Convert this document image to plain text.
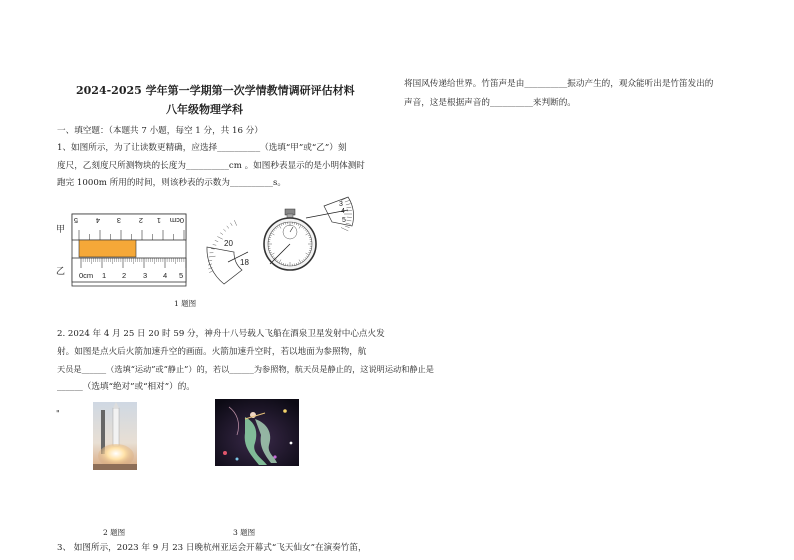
2024-2025 学年第一学期第一次学情教情调研评估材料
八年级物理学科
一、填空题：（本题共 7 小题，每空 1 分，共 16 分）
1、如图所示，为了让读数更精确，应选择__________（选填“甲”或“乙”）刻
度尺，乙刻度尺所测物块的长度为__________cm 。如图秒表显示的是小明体测时
跑完 1000m 所用的时间，则该秒表的示数为__________s。
甲
乙
5 4 3 2 1 0cm
0cm 1 2 3 4 5
20
18
3
4
5
1 题图
2. 2024 年 4 月 25 日 20 时 59 分，神舟十八号载人飞船在酒泉卫星发射中心点火发
射。如图是点火后火箭加速升空的画面。火箭加速升空时，若以地面为参照物，航
天员是______（选填“运动”或“静止”）的，若以______为参照物，航天员是静止的，这说明运动和静止是
______（选填“绝对”或“相对”）的。
"
2 题图	3 题图
3、 如图所示，2023 年 9 月 23 日晚杭州亚运会开幕式“飞天仙女”在演奏竹笛，
将国风传递给世界。竹笛声是由__________振动产生的，观众能听出是竹笛发出的
声音，这是根据声音的__________来判断的。
